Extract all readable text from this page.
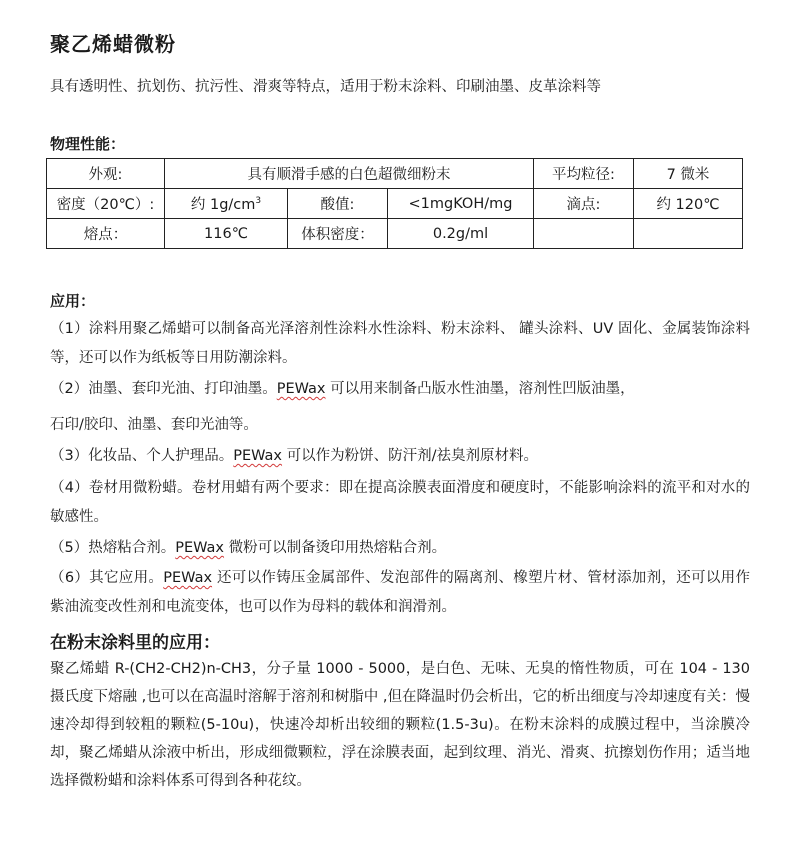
聚乙烯蜡微粉
具有透明性、抗划伤、抗污性、滑爽等特点，适用于粉末涂料、印刷油墨、皮革涂料等
物理性能：
外观:	具有顺滑手感的白色超微细粉末			平均粒径:	7 微米
密度（20℃）:	约 $1g/cm^3$	酸值:	<1mgKOH/mg	滴点:	约 120℃
熔点：	116℃	体积密度：	0.2g/ml		
应用：
（1）涂料用聚乙烯蜡可以制备高光泽溶剂性涂料水性涂料、粉末涂料、 罐头涂料、UV 固化、金属装饰涂料等，还可以作为纸板等日用防潮涂料。
（2）油墨、套印光油、打印油墨。PEWax 可以用来制备凸版水性油墨，溶剂性凹版油墨，
石印/胶印、油墨、套印光油等。
（3）化妆品、个人护理品。PEWax 可以作为粉饼、防汗剂/祛臭剂原材料。
（4）卷材用微粉蜡。卷材用蜡有两个要求：即在提高涂膜表面滑度和硬度时，不能影响涂料的流平和对水的敏感性。
（5）热熔粘合剂。PEWax 微粉可以制备烫印用热熔粘合剂。
（6）其它应用。PEWax 还可以作铸压金属部件、发泡部件的隔离剂、橡塑片材、管材添加剂，还可以用作紫油流变改性剂和电流变体，也可以作为母料的载体和润滑剂。
在粉末涂料里的应用：
聚乙烯蜡 R-(CH2-CH2)n-CH3，分子量 1000 - 5000，是白色、无味、无臭的惰性物质，可在 104 - 130 摄氏度下熔融 ,也可以在高温时溶解于溶剂和树脂中 ,但在降温时仍会析出，它的析出细度与冷却速度有关：慢速冷却得到较粗的颗粒(5-10u)，快速冷却析出较细的颗粒(1.5-3u)。在粉末涂料的成膜过程中，当涂膜冷却，聚乙烯蜡从涂液中析出，形成细微颗粒，浮在涂膜表面，起到纹理、消光、滑爽、抗擦划伤作用；适当地选择微粉蜡和涂料体系可得到各种花纹。
